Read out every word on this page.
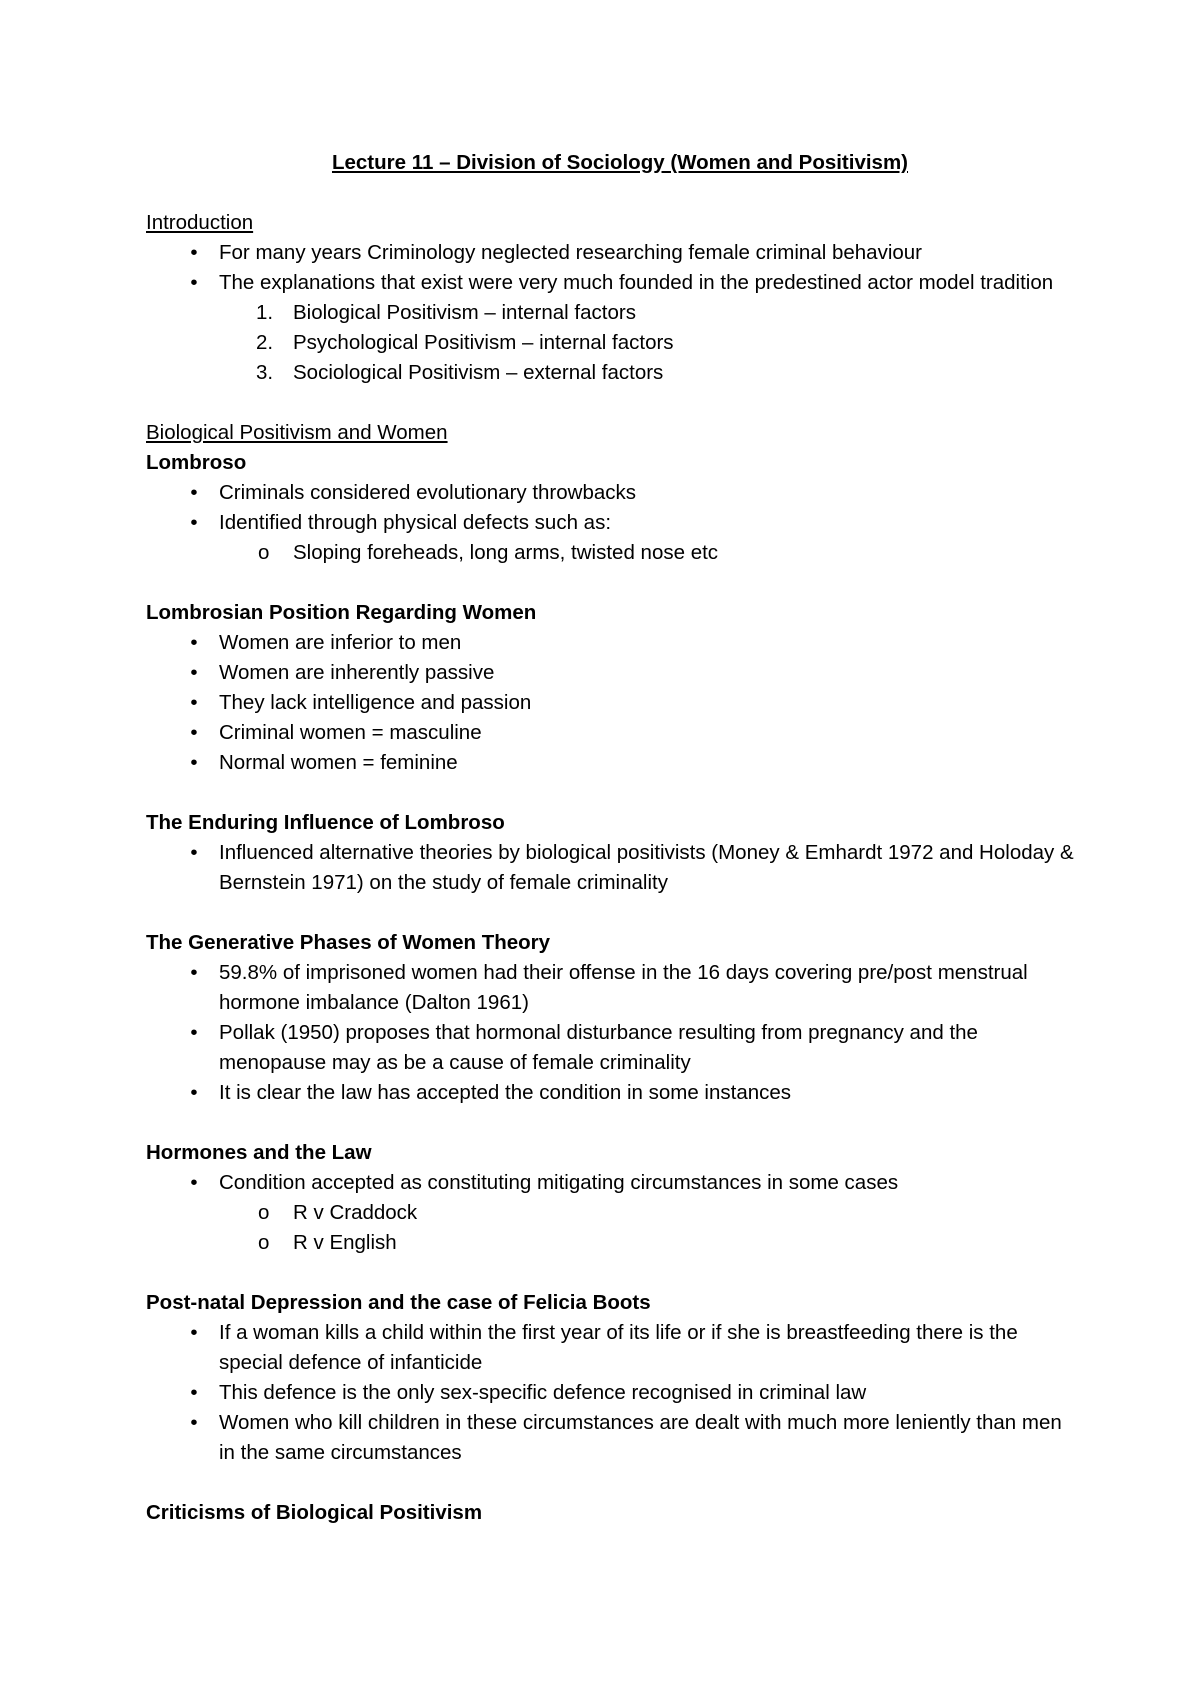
Lecture 11 – Division of Sociology (Women and Positivism)
Introduction
• For many years Criminology neglected researching female criminal behaviour
• The explanations that exist were very much founded in the predestined actor model tradition
1. Biological Positivism – internal factors
2. Psychological Positivism – internal factors
3. Sociological Positivism – external factors
Biological Positivism and Women
Lombroso
• Criminals considered evolutionary throwbacks
• Identified through physical defects such as:
o Sloping foreheads, long arms, twisted nose etc
Lombrosian Position Regarding Women
• Women are inferior to men
• Women are inherently passive
• They lack intelligence and passion
• Criminal women = masculine
• Normal women = feminine
The Enduring Influence of Lombroso
• Influenced alternative theories by biological positivists (Money & Emhardt 1972 and Holoday & Bernstein 1971) on the study of female criminality
The Generative Phases of Women Theory
• 59.8% of imprisoned women had their offense in the 16 days covering pre/post menstrual hormone imbalance (Dalton 1961)
• Pollak (1950) proposes that hormonal disturbance resulting from pregnancy and the menopause may as be a cause of female criminality
• It is clear the law has accepted the condition in some instances
Hormones and the Law
• Condition accepted as constituting mitigating circumstances in some cases
o R v Craddock
o R v English
Post-natal Depression and the case of Felicia Boots
• If a woman kills a child within the first year of its life or if she is breastfeeding there is the special defence of infanticide
• This defence is the only sex-specific defence recognised in criminal law
• Women who kill children in these circumstances are dealt with much more leniently than men in the same circumstances
Criticisms of Biological Positivism
